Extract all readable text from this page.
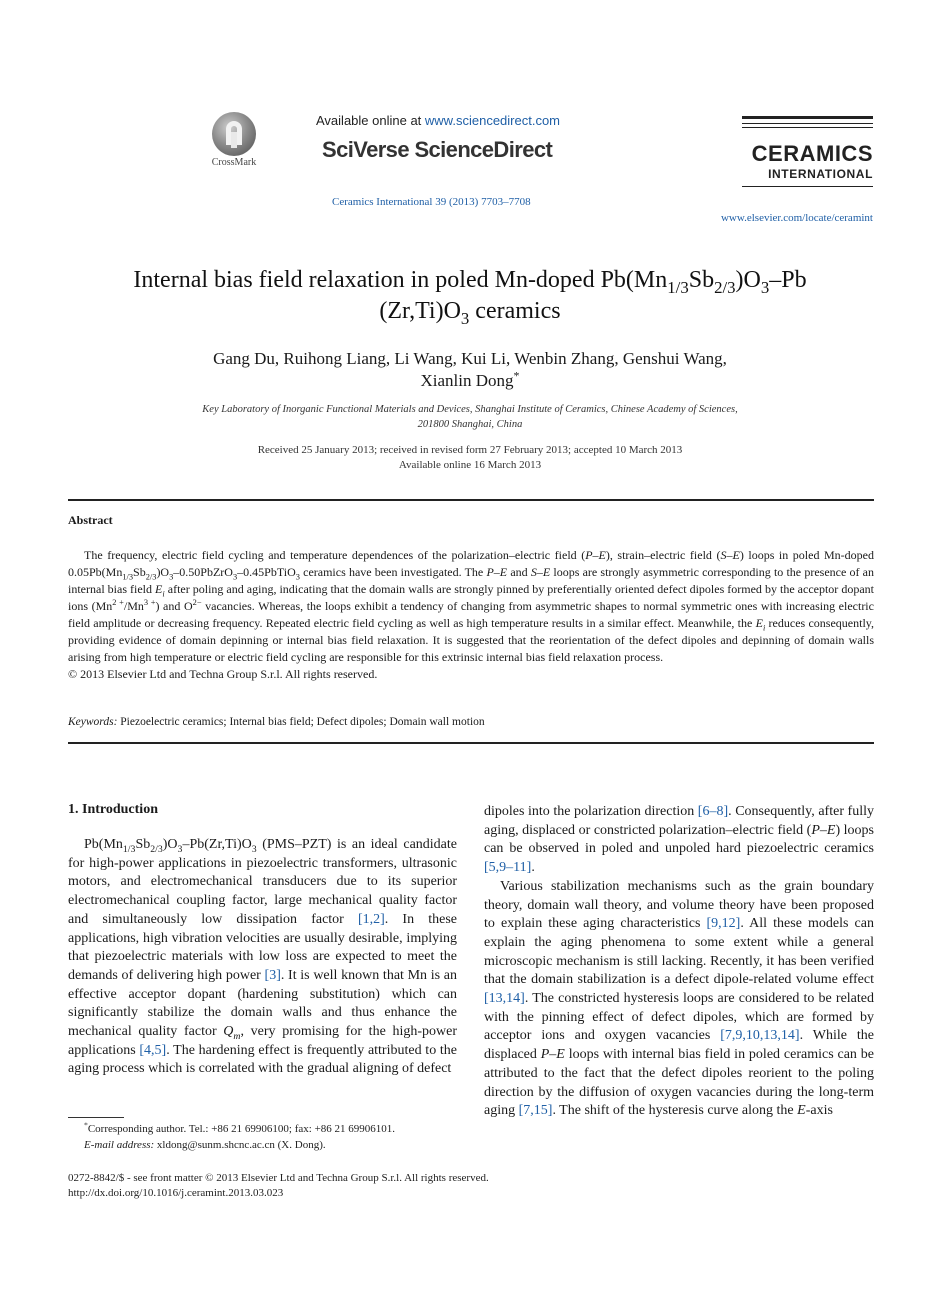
CrossMark
Available online at www.sciencedirect.com
SciVerse ScienceDirect
Ceramics International 39 (2013) 7703–7708
CERAMICS
INTERNATIONAL
www.elsevier.com/locate/ceramint
Internal bias field relaxation in poled Mn-doped $Pb(Mn_{1/3}Sb_{2/3})O_3-Pb$
$(Zr,Ti)O_3$ ceramics
Gang Du, Ruihong Liang, Li Wang, Kui Li, Wenbin Zhang, Genshui Wang,
Xianlin Dong*
Key Laboratory of Inorganic Functional Materials and Devices, Shanghai Institute of Ceramics, Chinese Academy of Sciences,
201800 Shanghai, China
Received 25 January 2013; received in revised form 27 February 2013; accepted 10 March 2013
Available online 16 March 2013
Abstract

The frequency, electric field cycling and temperature dependences of the polarization–electric field (P–E), strain–electric field (S–E) loops in poled Mn-doped $0.05Pb(Mn_{1/3}Sb_{2/3})O_3-0.50PbZrO_3-0.45PbTiO_3$ ceramics have been investigated. The P–E and S–E loops are strongly asymmetric corresponding to the presence of an internal bias field $E_i$ after poling and aging, indicating that the domain walls are strongly pinned by preferentially oriented defect dipoles formed by the acceptor dopant ions $(Mn^{2 +}/Mn^{3 +})$ and $O^{2-}$ vacancies. Whereas, the loops exhibit a tendency of changing from asymmetric shapes to normal symmetric ones with increasing electric field amplitude or decreasing frequency. Repeated electric field cycling as well as high temperature results in a similar effect. Meanwhile, the $E_i$ reduces consequently, providing evidence of domain depinning or internal bias field relaxation. It is suggested that the reorientation of the defect dipoles and depinning of domain walls arising from high temperature or electric field cycling are responsible for this extrinsic internal bias field relaxation process.

© 2013 Elsevier Ltd and Techna Group S.r.l. All rights reserved.

Keywords: Piezoelectric ceramics; Internal bias field; Defect dipoles; Domain wall motion
1. Introduction

$Pb(Mn_{1/3}Sb_{2/3})O_3-Pb(Zr,Ti)O_3$ (PMS–PZT) is an ideal candidate for high-power applications in piezoelectric transformers, ultrasonic motors, and electromechanical transducers due to its superior electromechanical coupling factor, large mechanical quality factor and simultaneously low dissipation factor [1,2]. In these applications, high vibration velocities are usually desirable, implying that piezoelectric materials with low loss are expected to meet the demands of delivering high power [3]. It is well known that Mn is an effective acceptor dopant (hardening substitution) which can significantly stabilize the domain walls and thus enhance the mechanical quality factor $Q_m$, very promising for the high-power applications [4,5]. The hardening effect is frequently attributed to the aging process which is correlated with the gradual aligning of defect

dipoles into the polarization direction [6–8]. Consequently, after fully aging, displaced or constricted polarization–electric field (P–E) loops can be observed in poled and unpoled hard piezoelectric ceramics [5,9–11].

Various stabilization mechanisms such as the grain boundary theory, domain wall theory, and volume theory have been proposed to explain these aging characteristics [9,12]. All these models can explain the aging phenomena to some extent while a general microscopic mechanism is still lacking. Recently, it has been verified that the domain stabilization is a defect dipole-related volume effect [13,14]. The constricted hysteresis loops are considered to be related with the pinning effect of defect dipoles, which are formed by acceptor ions and oxygen vacancies [7,9,10,13,14]. While the displaced P–E loops with internal bias field in poled ceramics can be attributed to the fact that the defect dipoles reorient to the poling direction by the diffusion of oxygen vacancies during the long-term aging [7,15]. The shift of the hysteresis curve along the E-axis

*Corresponding author. Tel.: +86 21 69906100; fax: +86 21 69906101.
E-mail address: xldong@sunm.shcnc.ac.cn (X. Dong).
0272-8842/$ - see front matter © 2013 Elsevier Ltd and Techna Group S.r.l. All rights reserved.
http://dx.doi.org/10.1016/j.ceramint.2013.03.023
